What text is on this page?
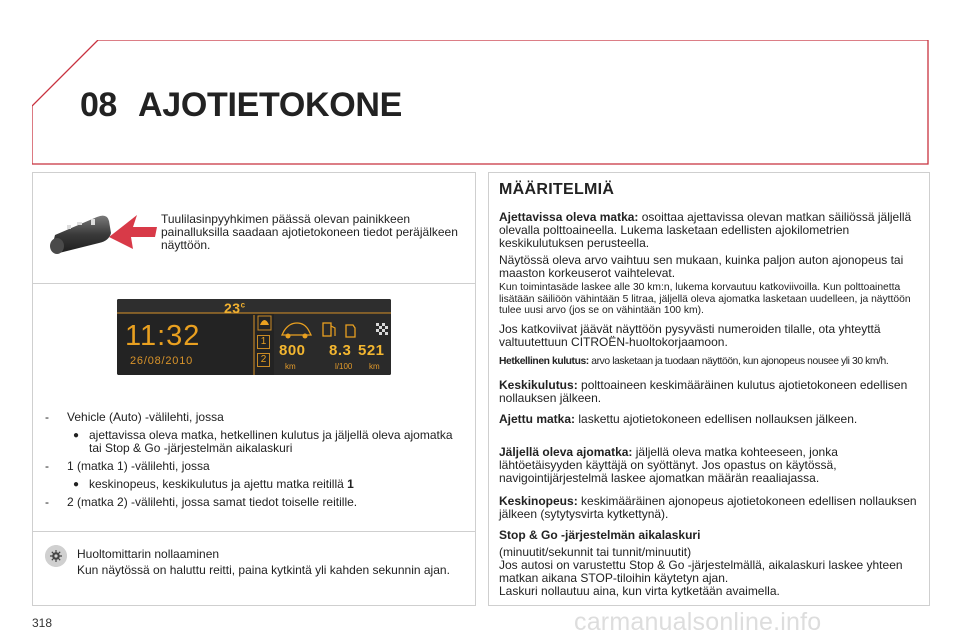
08 AJOTIETOKONE
Tuulilasinpyyhkimen päässä olevan painikkeen painalluksilla saadaan ajotietokoneen tiedot peräjälkeen näyttöön.
23$^c$
11:32
26/08/2010
1
2
800
km
8.3
l/100
521
km
- Vehicle (Auto) -välilehti, jossa
● ajettavissa oleva matka, hetkellinen kulutus ja jäljellä oleva ajomatka tai Stop & Go -järjestelmän aikalaskuri
- 1 (matka 1) -välilehti, jossa
● keskinopeus, keskikulutus ja ajettu matka reitillä 1
- 2 (matka 2) -välilehti, jossa samat tiedot toiselle reitille.
Huoltomittarin nollaaminen
Kun näytössä on haluttu reitti, paina kytkintä yli kahden sekunnin ajan.
MÄÄRITELMIÄ
Ajettavissa oleva matka: osoittaa ajettavissa olevan matkan säiliössä jäljellä olevalla polttoaineella. Lukema lasketaan edellisten ajokilometrien keskikulutuksen perusteella.
Näytössä oleva arvo vaihtuu sen mukaan, kuinka paljon auton ajonopeus tai maaston korkeuserot vaihtelevat.
Kun toimintasäde laskee alle 30 km:n, lukema korvautuu katkoviivoilla. Kun polttoainetta lisätään säiliöön vähintään 5 litraa, jäljellä oleva ajomatka lasketaan uudelleen, ja näyttöön tulee uusi arvo (jos se on vähintään 100 km).
Jos katkoviivat jäävät näyttöön pysyvästi numeroiden tilalle, ota yhteyttä valtuutettuun CITROËN-huoltokorjaamoon.
Hetkellinen kulutus: arvo lasketaan ja tuodaan näyttöön, kun ajonopeus nousee yli 30 km/h.
Keskikulutus: polttoaineen keskimääräinen kulutus ajotietokoneen edellisen nollauksen jälkeen.
Ajettu matka: laskettu ajotietokoneen edellisen nollauksen jälkeen.
Jäljellä oleva ajomatka: jäljellä oleva matka kohteeseen, jonka lähtöetäisyyden käyttäjä on syöttänyt. Jos opastus on käytössä, navigointijärjestelmä laskee ajomatkan määrän reaaliajassa.
Keskinopeus: keskimääräinen ajonopeus ajotietokoneen edellisen nollauksen jälkeen (sytytysvirta kytkettynä).
Stop & Go -järjestelmän aikalaskuri
(minuutit/sekunnit tai tunnit/minuutit)
Jos autosi on varustettu Stop & Go -järjestelmällä, aikalaskuri laskee yhteen matkan aikana STOP-tiloihin käytetyn ajan.
Laskuri nollautuu aina, kun virta kytketään avaimella.
318	carmanualsonline.info
